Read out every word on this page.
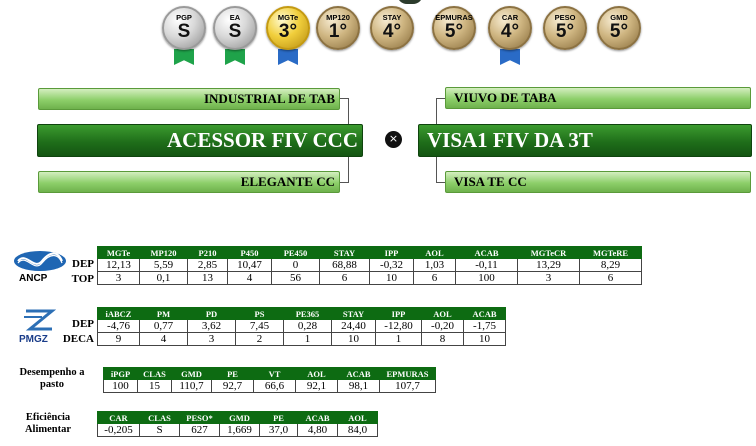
PGP
S
EA
S
MGTe
3°
MP120
1°
STAY
4°
EPMURAS
5°
CAR
4°
PESO
5°
GMD
5°
INDUSTRIAL DE TAB
ACESSOR FIV CCC
ELEGANTE CC
×
VIUVO DE TABA
VISA1 FIV DA 3T
VISA TE CC
ANCP
DEP
TOP
MGTe	MP120	P210	P450	PE450	STAY	IPP	AOL	ACAB	MGTeCR	MGTeRE
12,13	5,59	2,85	10,47	0	68,88	-0,32	1,03	-0,11	13,29	8,29
3	0,1	13	4	56	6	10	6	100	3	6
PMGZ
DEP
DECA
iABCZ	PM	PD	PS	PE365	STAY	IPP	AOL	ACAB
-4,76	0,77	3,62	7,45	0,28	24,40	-12,80	-0,20	-1,75
9	4	3	2	1	10	1	8	10
Desempenho a
pasto
iPGP	CLAS	GMD	PE	VT	AOL	ACAB	EPMURAS
100	15	110,7	92,7	66,6	92,1	98,1	107,7
Eficiência
Alimentar
CAR	CLAS	PESO*	GMD	PE	ACAB	AOL
-0,205	S	627	1,669	37,0	4,80	84,0
